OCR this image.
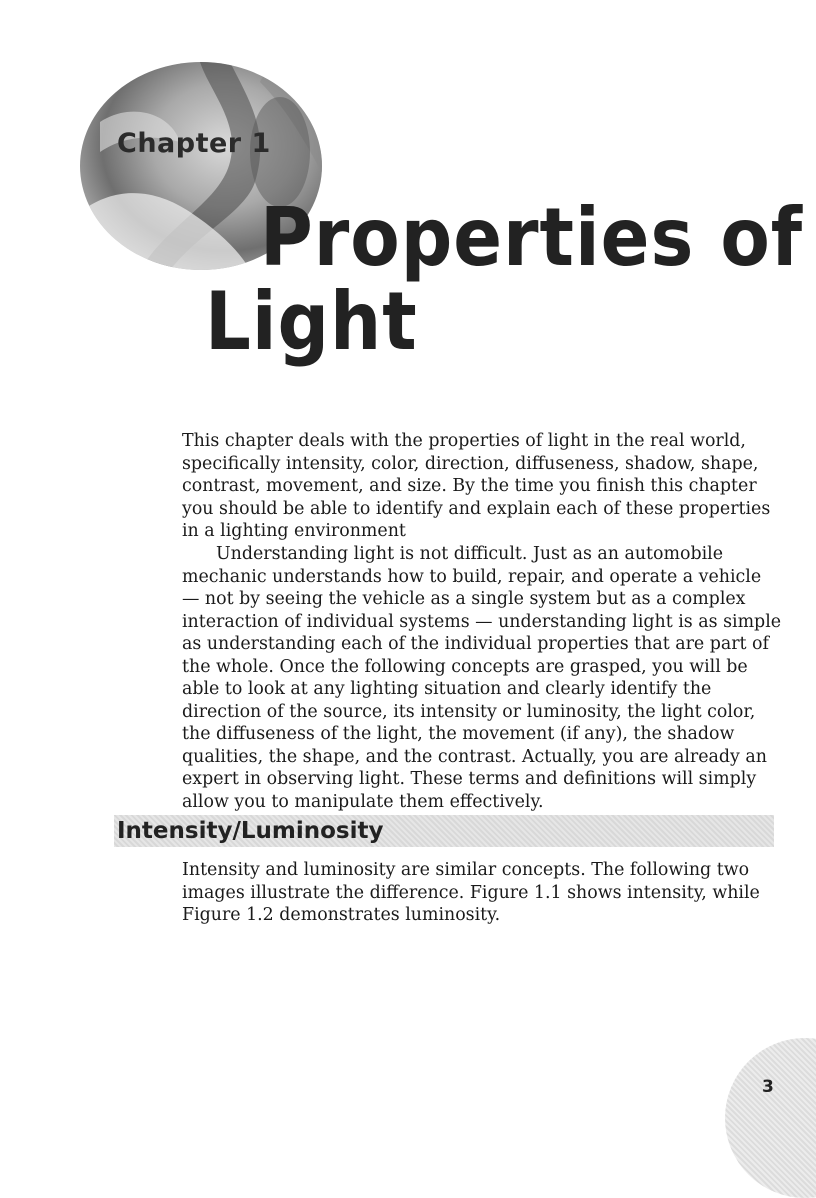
Chapter 1
Properties of
Light

This chapter deals with the properties of light in the real world, specifically intensity, color, direction, diffuseness, shadow, shape, contrast, movement, and size. By the time you finish this chapter you should be able to identify and explain each of these properties in a lighting environment

Understanding light is not difficult. Just as an automobile mechanic understands how to build, repair, and operate a vehicle — not by seeing the vehicle as a single system but as a complex interaction of individual systems — understanding light is as simple as understanding each of the individual properties that are part of the whole. Once the following concepts are grasped, you will be able to look at any lighting situation and clearly identify the direction of the source, its intensity or luminosity, the light color, the diffuseness of the light, the movement (if any), the shadow qualities, the shape, and the contrast. Actually, you are already an expert in observing light. These terms and definitions will simply allow you to manipulate them effectively.

Intensity/Luminosity

Intensity and luminosity are similar concepts. The following two images illustrate the difference. Figure 1.1 shows intensity, while Figure 1.2 demonstrates luminosity.

3
